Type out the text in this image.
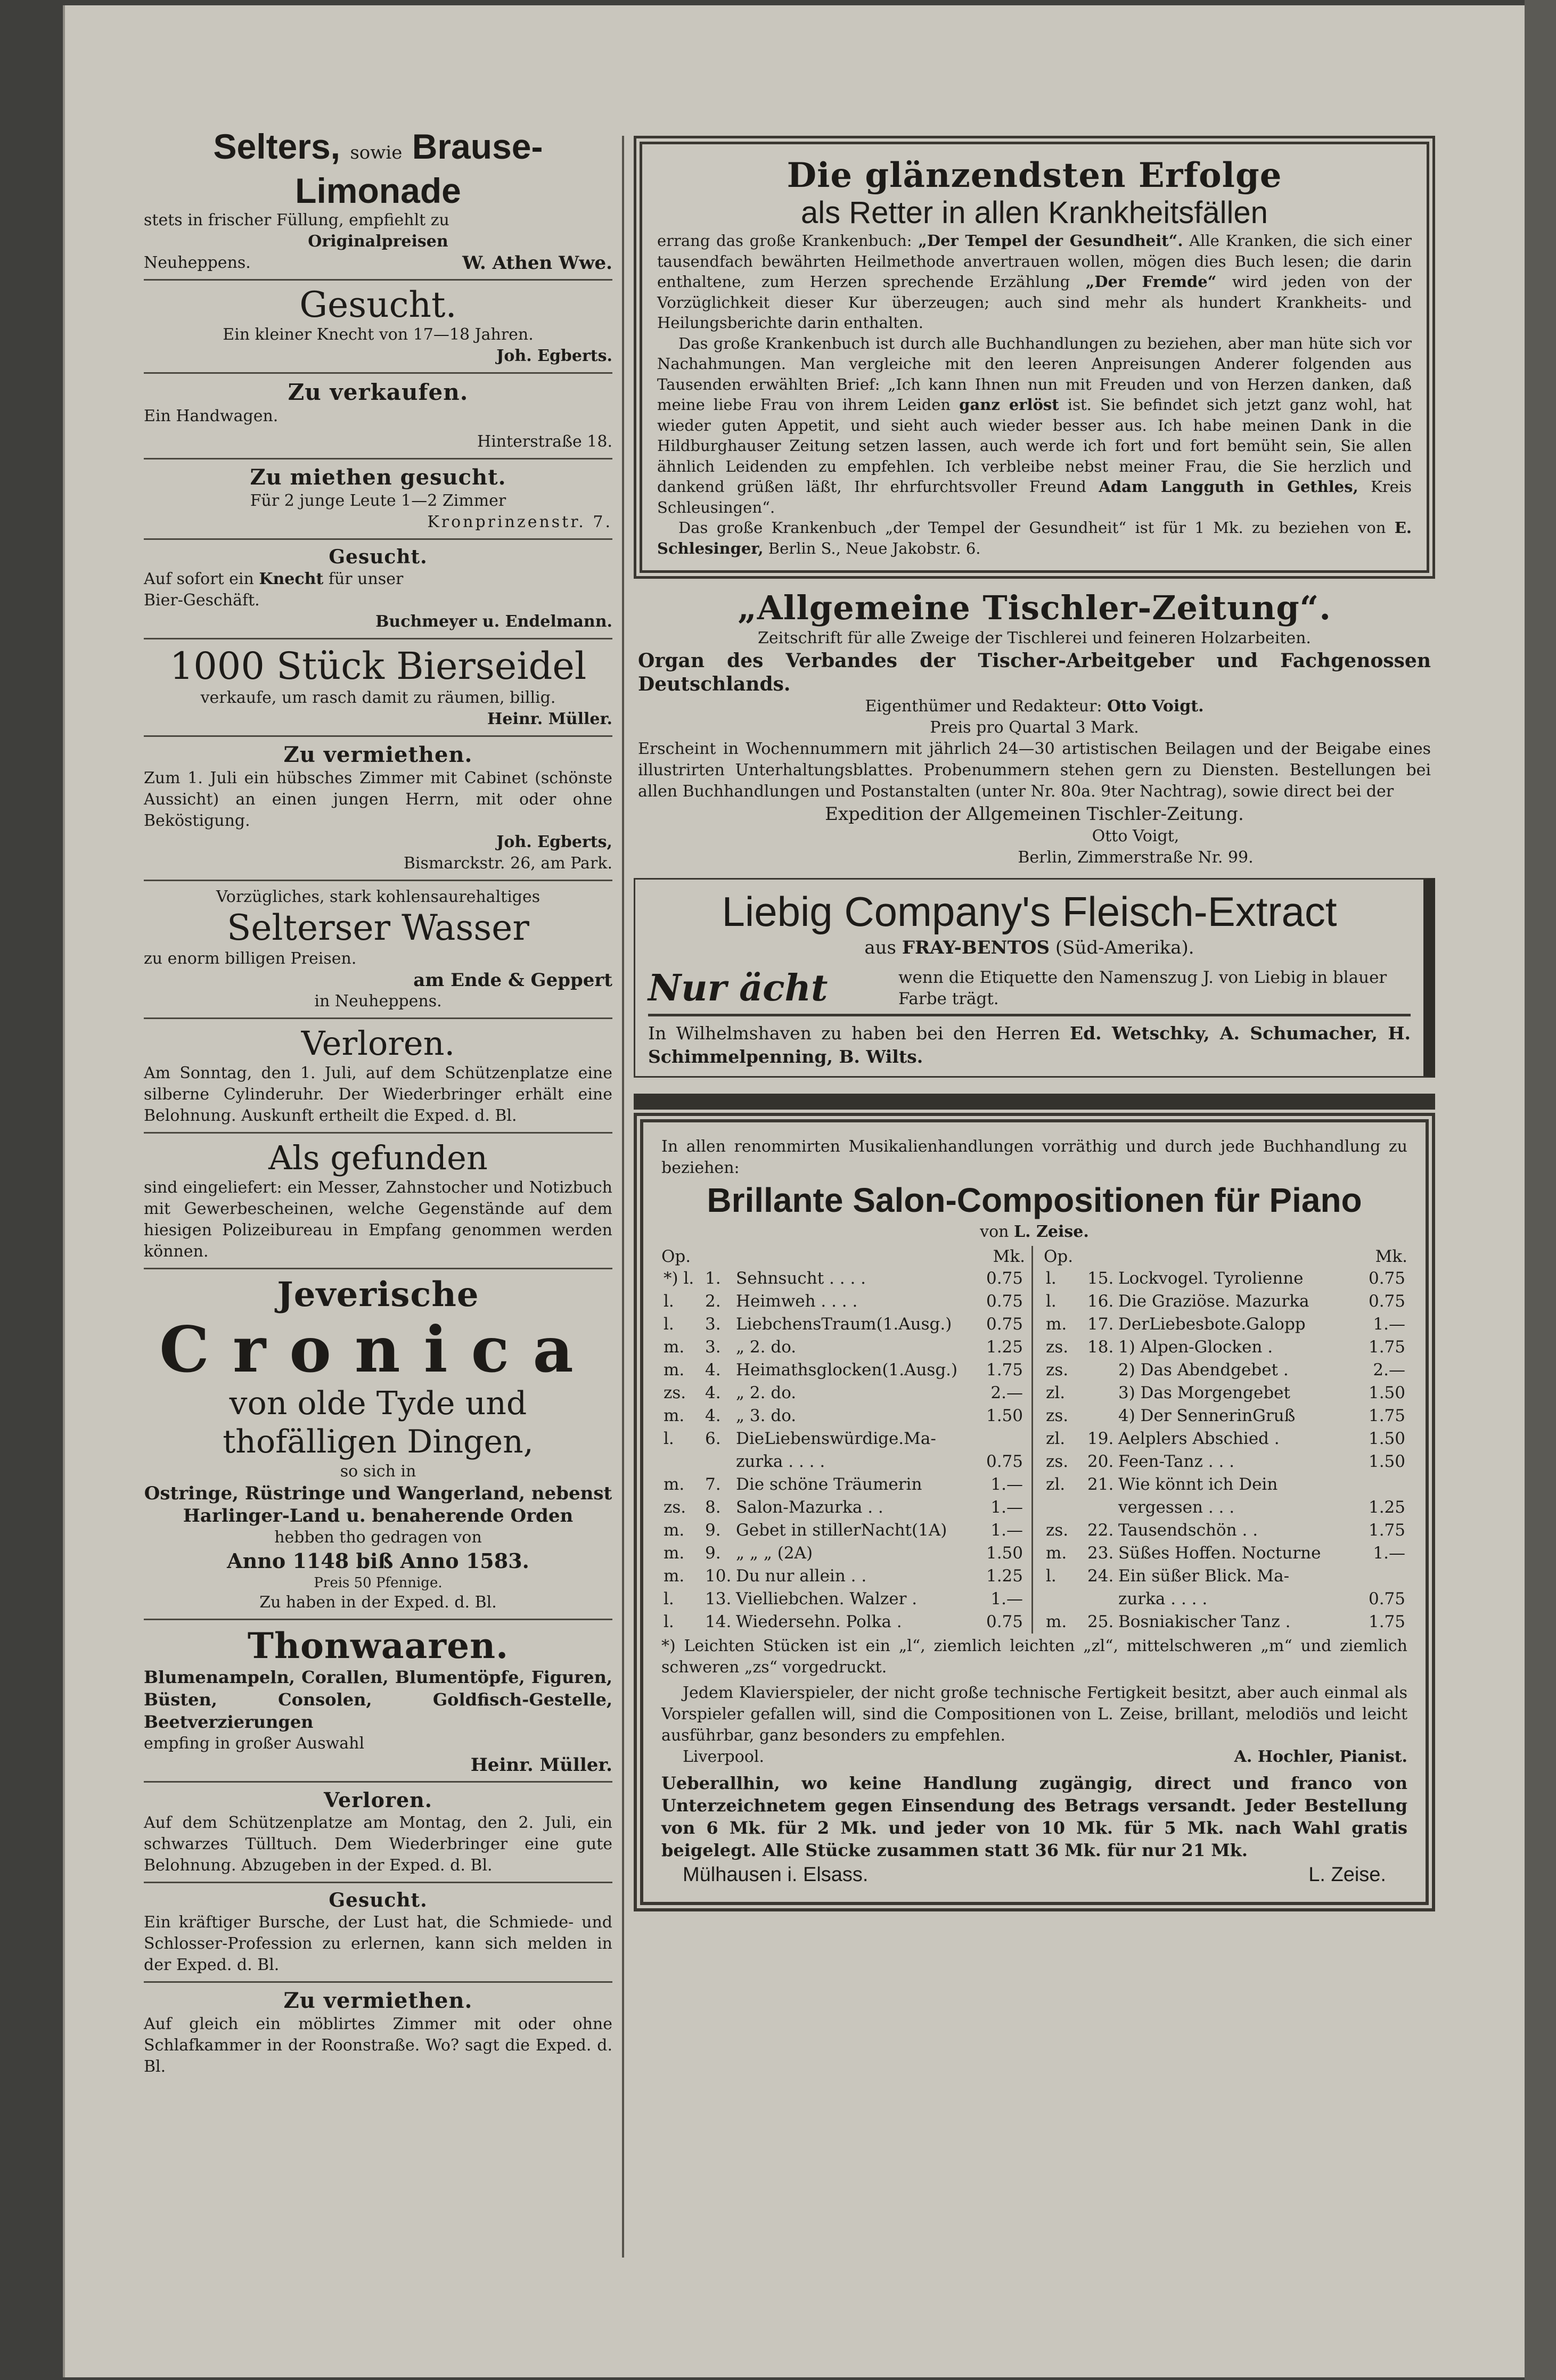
Selters, sowie Brause-
Limonade
stets in frischer Füllung, empfiehlt zu
Originalpreisen
Neuheppens.	W. Athen Wwe.
Gesucht.
Ein kleiner Knecht von 17—18 Jahren.
Joh. Egberts.
Zu verkaufen.
Ein Handwagen.
Hinterstraße 18.
Zu miethen gesucht.
Für 2 junge Leute 1—2 Zimmer
Kronprinzenstr. 7.
Gesucht.
Auf sofort ein Knecht für unser
Bier-Geschäft.
Buchmeyer u. Endelmann.
1000 Stück Bierseidel
verkaufe, um rasch damit zu räumen, billig.
Heinr. Müller.
Zu vermiethen.
Zum 1. Juli ein hübsches Zimmer mit Cabinet (schönste Aussicht) an einen jungen Herrn, mit oder ohne Beköstigung.
Joh. Egberts,
Bismarckstr. 26, am Park.
Vorzügliches, stark kohlensaurehaltiges
Selterser Wasser
zu enorm billigen Preisen.
am Ende & Geppert
in Neuheppens.
Verloren.
Am Sonntag, den 1. Juli, auf dem Schützenplatze eine silberne Cylinderuhr. Der Wiederbringer erhält eine Belohnung. Auskunft ertheilt die Exped. d. Bl.
Als gefunden
sind eingeliefert: ein Messer, Zahnstocher und Notizbuch mit Gewerbescheinen, welche Gegenstände auf dem hiesigen Polizeibureau in Empfang genommen werden können.
Jeverische
Cronica
von olde Tyde und
thofälligen Dingen,
so sich in
Ostringe, Rüstringe und Wangerland, nebenst Harlinger-Land u. benaherende Orden
hebben tho gedragen von
Anno 1148 biß Anno 1583.
Preis 50 Pfennige.
Zu haben in der Exped. d. Bl.
Thonwaaren.
Blumenampeln, Corallen, Blumentöpfe, Figuren, Büsten, Consolen, Goldfisch-Gestelle, Beetverzierungen
empfing in großer Auswahl
Heinr. Müller.
Verloren.
Auf dem Schützenplatze am Montag, den 2. Juli, ein schwarzes Tülltuch. Dem Wiederbringer eine gute Belohnung. Abzugeben in der Exped. d. Bl.
Gesucht.
Ein kräftiger Bursche, der Lust hat, die Schmiede- und Schlosser-Profession zu erlernen, kann sich melden in der Exped. d. Bl.
Zu vermiethen.
Auf gleich ein möblirtes Zimmer mit oder ohne Schlafkammer in der Roonstraße. Wo? sagt die Exped. d. Bl.
Die glänzendsten Erfolge
als Retter in allen Krankheitsfällen
errang das große Krankenbuch: „Der Tempel der Gesundheit“. Alle Kranken, die sich einer tausendfach bewährten Heilmethode anvertrauen wollen, mögen dies Buch lesen; die darin enthaltene, zum Herzen sprechende Erzählung „Der Fremde“ wird jeden von der Vorzüglichkeit dieser Kur überzeugen; auch sind mehr als hundert Krankheits- und Heilungsberichte darin enthalten.
Das große Krankenbuch ist durch alle Buchhandlungen zu beziehen, aber man hüte sich vor Nachahmungen. Man vergleiche mit den leeren Anpreisungen Anderer folgenden aus Tausenden erwählten Brief: „Ich kann Ihnen nun mit Freuden und von Herzen danken, daß meine liebe Frau von ihrem Leiden ganz erlöst ist. Sie befindet sich jetzt ganz wohl, hat wieder guten Appetit, und sieht auch wieder besser aus. Ich habe meinen Dank in die Hildburghauser Zeitung setzen lassen, auch werde ich fort und fort bemüht sein, Sie allen ähnlich Leidenden zu empfehlen. Ich verbleibe nebst meiner Frau, die Sie herzlich und dankend grüßen läßt, Ihr ehrfurchtsvoller Freund Adam Langguth in Gethles, Kreis Schleusingen“.
Das große Krankenbuch „der Tempel der Gesundheit“ ist für 1 Mk. zu beziehen von E. Schlesinger, Berlin S., Neue Jakobstr. 6.
„Allgemeine Tischler-Zeitung“.
Zeitschrift für alle Zweige der Tischlerei und feineren Holzarbeiten.
Organ des Verbandes der Tischer-Arbeitgeber und Fachgenossen Deutschlands.
Eigenthümer und Redakteur: Otto Voigt.
Preis pro Quartal 3 Mark.
Erscheint in Wochennummern mit jährlich 24—30 artistischen Beilagen und der Beigabe eines illustrirten Unterhaltungsblattes. Probenummern stehen gern zu Diensten. Bestellungen bei allen Buchhandlungen und Postanstalten (unter Nr. 80a. 9ter Nachtrag), sowie direct bei der
Expedition der Allgemeinen Tischler-Zeitung.
Otto Voigt,
Berlin, Zimmerstraße Nr. 99.
Liebig Company's Fleisch-Extract
aus FRAY-BENTOS (Süd-Amerika).
Nur ächt	wenn die Etiquette den Namenszug J. von Liebig in blauer Farbe trägt.
In Wilhelmshaven zu haben bei den Herren Ed. Wetschky, A. Schumacher, H. Schimmelpenning, B. Wilts.
In allen renommirten Musikalienhandlungen vorräthig und durch jede Buchhandlung zu beziehen:
Brillante Salon-Compositionen für Piano
von L. Zeise.
Op.	Mk.
*) l.	1.	Sehnsucht . . . .	0.75
l.	2.	Heimweh . . . .	0.75
l.	3.	LiebchensTraum(1.Ausg.)	0.75
m.	3.	„ 2. do.	1.25
m.	4.	Heimathsglocken(1.Ausg.)	1.75
zs.	4.	„ 2. do.	2.—
m.	4.	„ 3. do.	1.50
l.	6.	DieLiebenswürdige.Ma-	
		zurka . . . .	0.75
m.	7.	Die schöne Träumerin	1.—
zs.	8.	Salon-Mazurka . .	1.—
m.	9.	Gebet in stillerNacht(1A)	1.—
m.	9.	„ „ „ (2A)	1.50
m.	10.	Du nur allein . .	1.25
l.	13.	Vielliebchen. Walzer .	1.—
l.	14.	Wiedersehn. Polka .	0.75
Op.	Mk.
l.	15.	Lockvogel. Tyrolienne	0.75
l.	16.	Die Graziöse. Mazurka	0.75
m.	17.	DerLiebesbote.Galopp	1.—
zs.	18.	1) Alpen-Glocken .	1.75
zs.		2) Das Abendgebet .	2.—
zl.		3) Das Morgengebet	1.50
zs.		4) Der SennerinGruß	1.75
zl.	19.	Aelplers Abschied .	1.50
zs.	20.	Feen-Tanz . . .	1.50
zl.	21.	Wie könnt ich Dein	
		vergessen . . .	1.25
zs.	22.	Tausendschön . .	1.75
m.	23.	Süßes Hoffen. Nocturne	1.—
l.	24.	Ein süßer Blick. Ma-	
		zurka . . . .	0.75
m.	25.	Bosniakischer Tanz .	1.75
*) Leichten Stücken ist ein „l“, ziemlich leichten „zl“, mittelschweren „m“ und ziemlich schweren „zs“ vorgedruckt.
Jedem Klavierspieler, der nicht große technische Fertigkeit besitzt, aber auch einmal als Vorspieler gefallen will, sind die Compositionen von L. Zeise, brillant, melodiös und leicht ausführbar, ganz besonders zu empfehlen.
Liverpool.	A. Hochler, Pianist.
Ueberallhin, wo keine Handlung zugängig, direct und franco von Unterzeichnetem gegen Einsendung des Betrags versandt. Jeder Bestellung von 6 Mk. für 2 Mk. und jeder von 10 Mk. für 5 Mk. nach Wahl gratis beigelegt. Alle Stücke zusammen statt 36 Mk. für nur 21 Mk.
Mülhausen i. Elsass.	L. Zeise.
